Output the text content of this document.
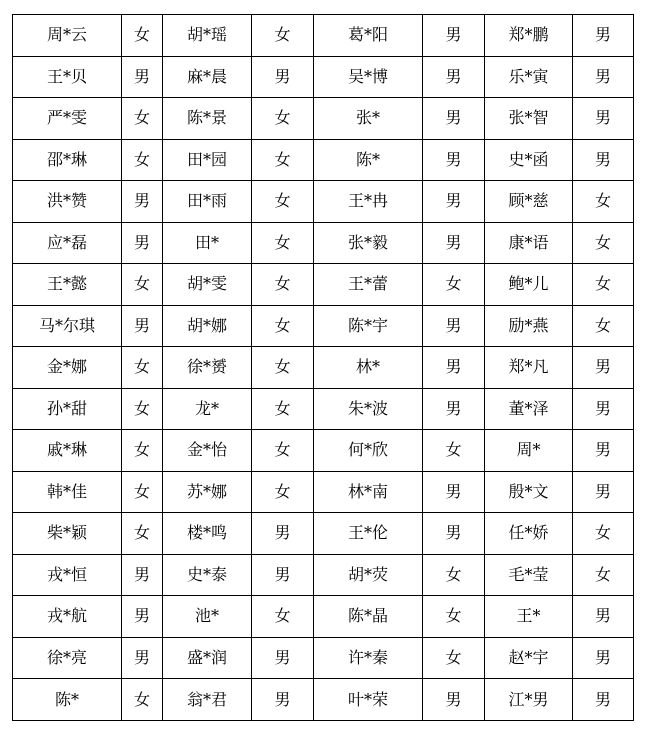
周*云	女	胡*瑶	女	葛*阳	男	郑*鹏	男
王*贝	男	麻*晨	男	吴*博	男	乐*寅	男
严*雯	女	陈*景	女	张*	男	张*智	男
邵*琳	女	田*园	女	陈*	男	史*函	男
洪*赞	男	田*雨	女	王*冉	男	顾*慈	女
应*磊	男	田*	女	张*毅	男	康*语	女
王*懿	女	胡*雯	女	王*蕾	女	鲍*儿	女
马*尔琪	男	胡*娜	女	陈*宇	男	励*燕	女
金*娜	女	徐*赟	女	林*	男	郑*凡	男
孙*甜	女	龙*	女	朱*波	男	董*泽	男
戚*琳	女	金*怡	女	何*欣	女	周*	男
韩*佳	女	苏*娜	女	林*南	男	殷*文	男
柴*颖	女	楼*鸣	男	王*伦	男	任*娇	女
戎*恒	男	史*泰	男	胡*荧	女	毛*莹	女
戎*航	男	池*	女	陈*晶	女	王*	男
徐*亮	男	盛*润	男	许*秦	女	赵*宇	男
陈*	女	翁*君	男	叶*荣	男	江*男	男
